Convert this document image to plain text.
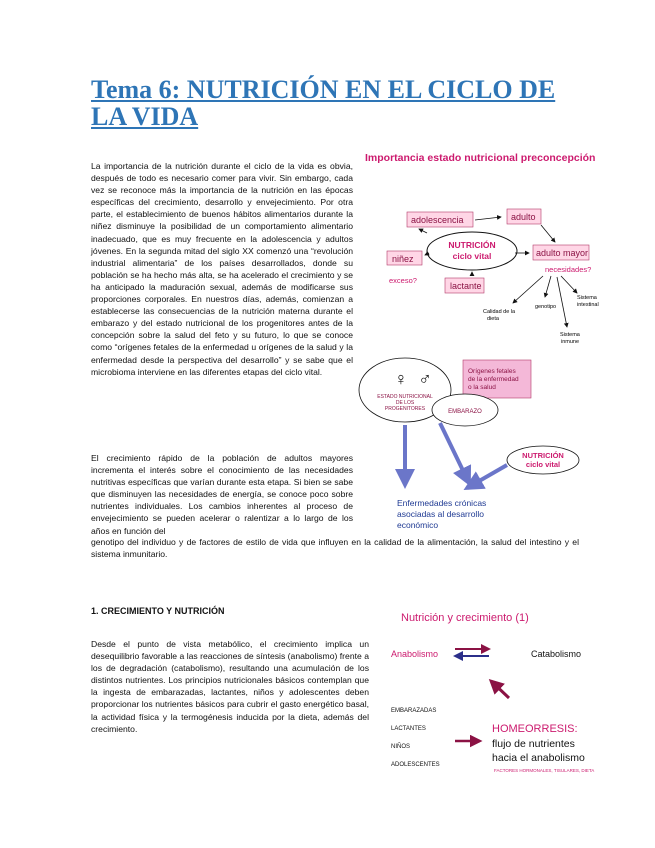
Tema 6: NUTRICIÓN EN EL CICLO DE LA VIDA

La importancia de la nutrición durante el ciclo de la vida es obvia, después de todo es necesario comer para vivir. Sin embargo, cada vez se reconoce más la importancia de la nutrición en las épocas específicas del crecimiento, desarrollo y envejecimiento. Por otra parte, el establecimiento de buenos hábitos alimentarios durante la niñez disminuye la posibilidad de un comportamiento alimentario inadecuado, que es muy frecuente en la adolescencia y adultos jóvenes. En la segunda mitad del siglo XX comenzó una “revolución industrial alimentaria” de los países desarrollados, donde su población se ha hecho más alta, se ha acelerado el crecimiento y se ha anticipado la maduración sexual, además de modificarse sus proporciones corporales. En nuestros días, además, comienzan a establecerse las consecuencias de la nutrición materna durante el embarazo y del estado nutricional de los progenitores antes de la concepción sobre la salud del feto y su futuro, lo que se conoce como “orígenes fetales de la enfermedad u orígenes de la salud y la enfermedad desde la perspectiva del desarrollo” y se sabe que el microbioma interviene en las diferentes etapas del ciclo vital.

El crecimiento rápido de la población de adultos mayores incrementa el interés sobre el conocimiento de las necesidades nutritivas específicas que varían durante esta etapa. Si bien se sabe que disminuyen las necesidades de energía, se conoce poco sobre nutrientes individuales. Los cambios inherentes al proceso de envejecimiento se pueden acelerar o ralentizar a lo largo de los años en función del

genotipo del individuo y de factores de estilo de vida que influyen en la calidad de la alimentación, la salud del intestino y el sistema inmunitario.

1. CRECIMIENTO Y NUTRICIÓN

Desde el punto de vista metabólico, el crecimiento implica un desequilibrio favorable a las reacciones de síntesis (anabolismo) frente a los de degradación (catabolismo), resultando una acumulación de los distintos nutrientes. Los principios nutricionales básicos contemplan que la ingesta de embarazadas, lactantes, niños y adolescentes deben proporcionar los nutrientes básicos para cubrir el gasto energético basal, la actividad física y la termogénesis inducida por la dieta, además del crecimiento.

Importancia estado nutricional preconcepción
adolescencia	adulto
niñez
adulto mayor
lactante
NUTRICIÓN
ciclo vital
exceso?
necesidades?
Calidad de la
dieta
genotipo
Sistema
intestinal
Sistema
inmune
♀ ♂
ESTADO NUTRICIONAL
DE LOS
PROGENITORES
Orígenes fetales
de la enfermedad
o la salud
EMBARAZO
NUTRICIÓN
ciclo vital
Enfermedades crónicas
asociadas al desarrollo
económico
Nutrición y crecimiento (1)
Anabolismo	Catabolismo
EMBARAZADAS
LACTANTES
NIÑOS
ADOLESCENTES
HOMEORRESIS:
flujo de nutrientes
hacia el anabolismo
FACTORES HORMONALES, TISULARES, DIETA
